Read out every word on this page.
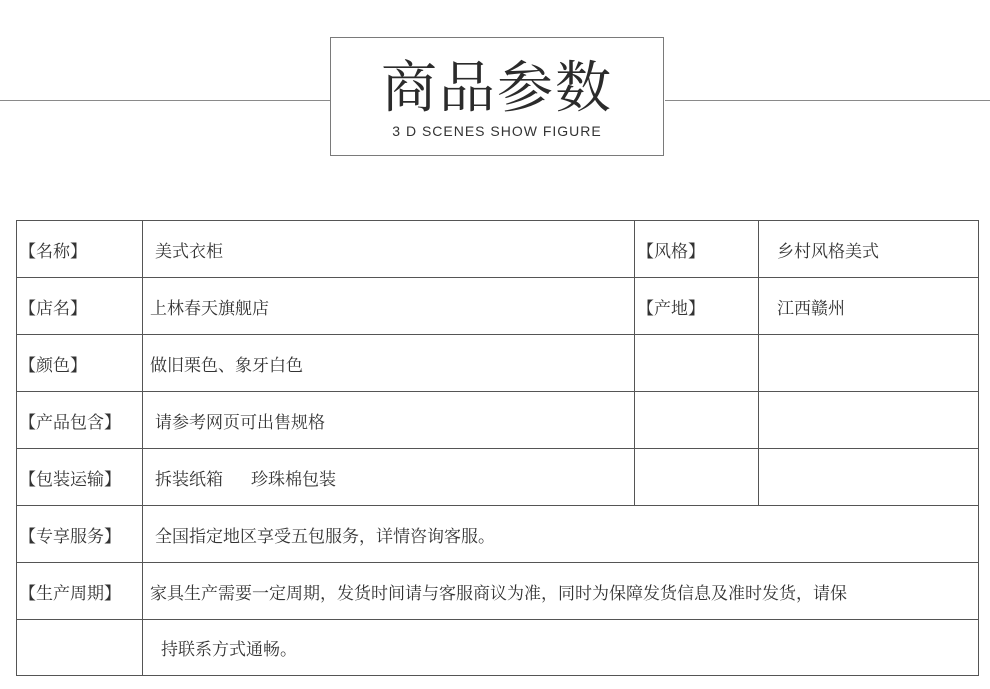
商品参数
3 D SCENES SHOW FIGURE
【名称】	美式衣柜	【风格】	乡村风格美式
【店名】	上林春天旗舰店	【产地】	江西赣州
【颜色】	做旧栗色、象牙白色		
【产品包含】	请参考网页可出售规格		
【包装运输】	拆装纸箱 珍珠棉包装		
【专享服务】	全国指定地区享受五包服务，详情咨询客服。		
【生产周期】	家具生产需要一定周期，发货时间请与客服商议为准，同时为保障发货信息及准时发货，请保		
	持联系方式通畅。		
